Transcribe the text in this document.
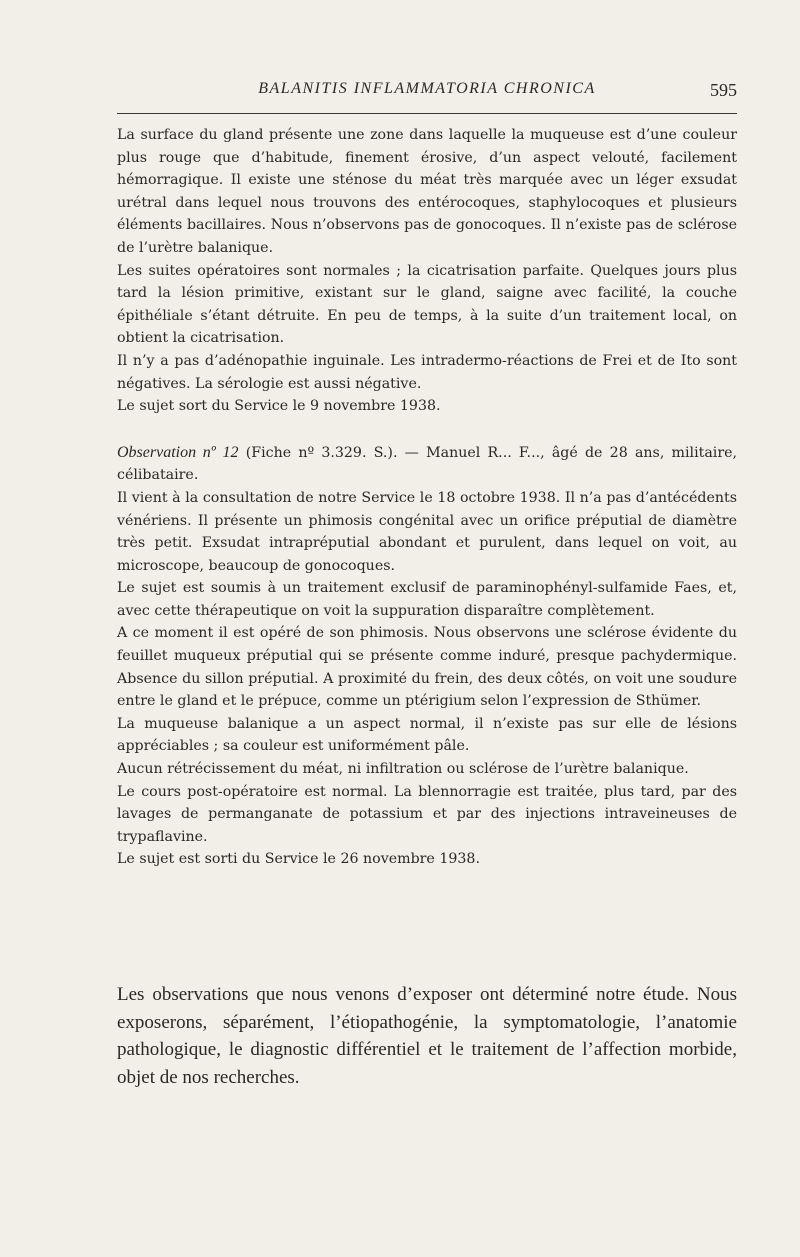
BALANITIS INFLAMMATORIA CHRONICA	595

La surface du gland présente une zone dans laquelle la muqueuse est d’une couleur plus rouge que d’habitude, finement érosive, d’un aspect velouté, facilement hémorragique. Il existe une sténose du méat très marquée avec un léger exsudat urétral dans lequel nous trouvons des entérocoques, staphylocoques et plusieurs éléments bacillaires. Nous n’observons pas de gonocoques. Il n’existe pas de sclérose de l’urètre balanique.

Les suites opératoires sont normales ; la cicatrisation parfaite. Quelques jours plus tard la lésion primitive, existant sur le gland, saigne avec facilité, la couche épithéliale s’étant détruite. En peu de temps, à la suite d’un traitement local, on obtient la cicatrisation.

Il n’y a pas d’adénopathie inguinale. Les intradermo-réactions de Frei et de Ito sont négatives. La sérologie est aussi négative.

Le sujet sort du Service le 9 novembre 1938.

Observation nº 12 (Fiche nº 3.329. S.). — Manuel R... F..., âgé de 28 ans, militaire, célibataire.

Il vient à la consultation de notre Service le 18 octobre 1938. Il n’a pas d’antécédents vénériens. Il présente un phimosis congénital avec un orifice préputial de diamètre très petit. Exsudat intrapréputial abondant et purulent, dans lequel on voit, au microscope, beaucoup de gonocoques.

Le sujet est soumis à un traitement exclusif de paraminophényl-sulfamide Faes, et, avec cette thérapeutique on voit la suppuration disparaître complètement.

A ce moment il est opéré de son phimosis. Nous observons une sclérose évidente du feuillet muqueux préputial qui se présente comme induré, presque pachydermique. Absence du sillon préputial. A proximité du frein, des deux côtés, on voit une soudure entre le gland et le prépuce, comme un ptérigium selon l’expression de Sthümer.

La muqueuse balanique a un aspect normal, il n’existe pas sur elle de lésions appréciables ; sa couleur est uniformément pâle.

Aucun rétrécissement du méat, ni infiltration ou sclérose de l’urètre balanique.

Le cours post-opératoire est normal. La blennorragie est traitée, plus tard, par des lavages de permanganate de potassium et par des injections intraveineuses de trypaflavine.

Le sujet est sorti du Service le 26 novembre 1938.

Les observations que nous venons d’exposer ont déterminé notre étude. Nous exposerons, séparément, l’étiopathogénie, la symptomatologie, l’anatomie pathologique, le diagnostic différentiel et le traitement de l’affection morbide, objet de nos recherches.
